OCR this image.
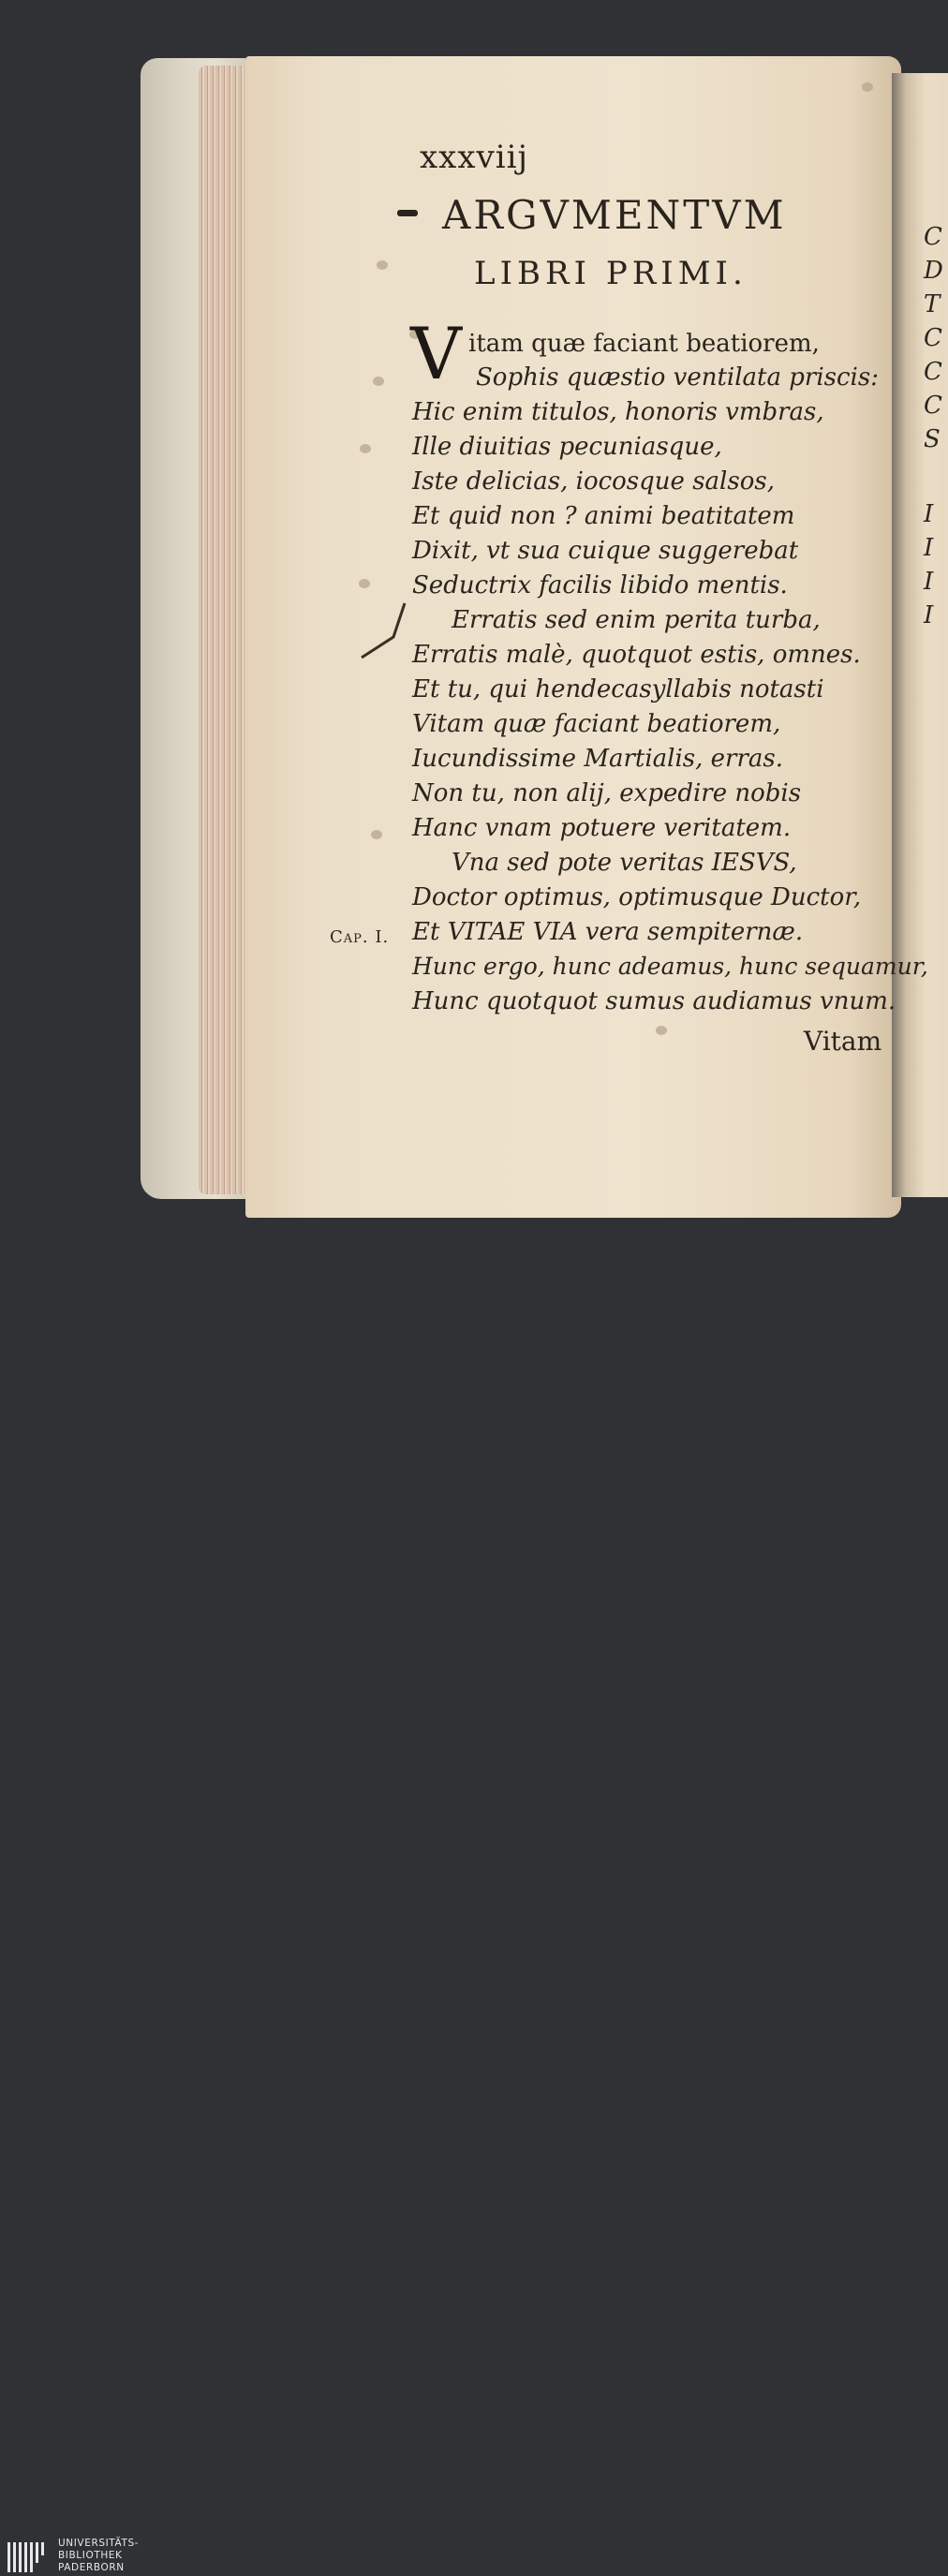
C
D
T
C
C
C
S
I
I
I
I
xxxviij
ARGVMENTVM
LIBRI PRIMI.
V itam quæ faciant beatiorem,
Sophis quæstio ventilata priscis:
Hic enim titulos, honoris vmbras,
Ille diuitias pecuniasque,
Iste delicias, iocosque salsos,
Et quid non ? animi beatitatem
Dixit, vt sua cuique suggerebat
Seductrix facilis libido mentis.
Erratis sed enim perita turba,
Erratis malè, quotquot estis, omnes.
Et tu, qui hendecasyllabis notasti
Vitam quæ faciant beatiorem,
Iucundissime Martialis, erras.
Non tu, non alij, expedire nobis
Hanc vnam potuere veritatem.
Vna sed pote veritas IESVS,
Doctor optimus, optimusque Ductor,
Et VITAE VIA vera sempiternæ.
Hunc ergo, hunc adeamus, hunc sequamur,
Hunc quotquot sumus audiamus vnum.
Cap. I.
Vitam
UNIVERSITÄTS-
BIBLIOTHEK
PADERBORN
